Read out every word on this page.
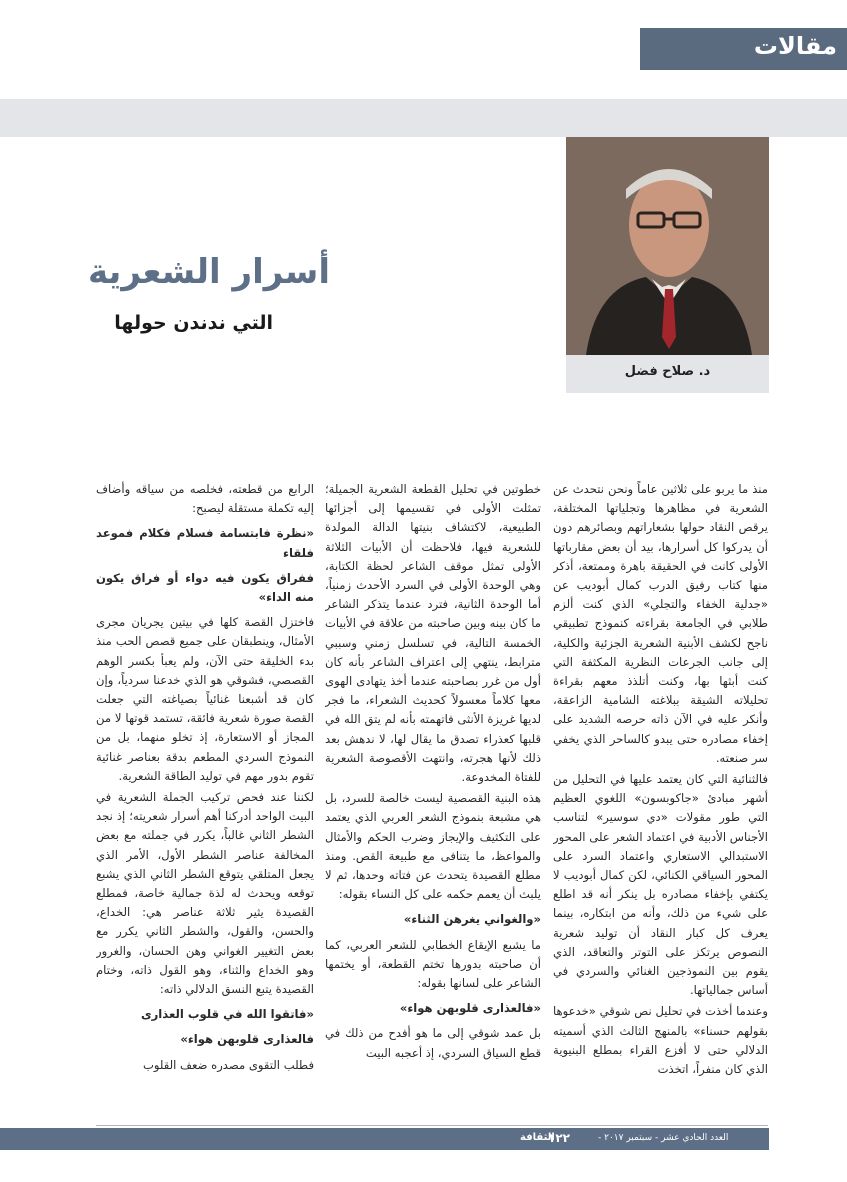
مقالات
د. صلاح فضل
أسرار الشعرية
التي ندندن حولها

منذ ما يربو على ثلاثين عاماً ونحن نتحدث عن الشعرية في مظاهرها وتجلياتها المختلفة، يرقص النقاد حولها بشعاراتهم وبصائرهم دون أن يدركوا كل أسرارها، بيد أن بعض مقارباتها الأولى كانت في الحقيقة باهرة وممتعة، أذكر منها كتاب رفيق الدرب كمال أبوديب عن «جدلية الخفاء والتجلي» الذي كنت ألزم طلابي في الجامعة بقراءته كنموذج تطبيقي ناجح لكشف الأبنية الشعرية الجزئية والكلية، إلى جانب الجرعات النظرية المكثفة التي كنت أبثها بها، وكنت أتلذذ معهم بقراءة تحليلاته الشيقة ببلاغته الشامية الزاعقة، وأنكر عليه في الآن ذاته حرصه الشديد على إخفاء مصادره حتى يبدو كالساحر الذي يخفي سر صنعته.

فالثنائية التي كان يعتمد عليها في التحليل من أشهر مبادئ «جاكوبسون» اللغوي العظيم التي طور مقولات «دي سوسير» لتناسب الأجناس الأدبية في اعتماد الشعر على المحور الاستبدالي الاستعاري واعتماد السرد على المحور السياقي الكنائي، لكن كمال أبوديب لا يكتفي بإخفاء مصادره بل ينكر أنه قد اطلع على شيء من ذلك، وأنه من ابتكاره، بينما يعرف كل كبار النقاد أن توليد شعرية النصوص يرتكز على التوتر والتعاقد، الذي يقوم بين النموذجين الغنائي والسردي في أساس جمالياتها.

وعندما أخذت في تحليل نص شوقي «خدعوها بقولهم حسناء» بالمنهج الثالث الذي أسميته الدلالي حتى لا أفزع القراء بمطلع البنيوية الذي كان منفراً، اتخذت

خطوتين في تحليل القطعة الشعرية الجميلة؛ تمثلت الأولى في تقسيمها إلى أجزائها الطبيعية، لاكتشاف بنيتها الدالة المولدة للشعرية فيها، فلاحظت أن الأبيات الثلاثة الأولى تمثل موقف الشاعر لحظة الكتابة، وهي الوحدة الأولى في السرد الأحدث زمنياً، أما الوحدة الثانية، فترد عندما يتذكر الشاعر ما كان بينه وبين صاحبته من علاقة في الأبيات الخمسة التالية، في تسلسل زمني وسببي مترابط، ينتهي إلى اعتراف الشاعر بأنه كان أول من غرر بصاحبته عندما أخذ يتهادى الهوى معها كلاماً معسولاً كحديث الشعراء، ما فجر لديها غريزة الأنثى فاتهمته بأنه لم يتق الله في قلبها كعذراء تصدق ما يقال لها، لا ندهش بعد ذلك لأنها هجرته، وانتهت الأقصوصة الشعرية للفتاة المخدوعة.

هذه البنية القصصية ليست خالصة للسرد، بل هي مشبعة بنموذج الشعر العربي الذي يعتمد على التكثيف والإيجاز وضرب الحكم والأمثال والمواعظ، ما يتنافى مع طبيعة القص. ومنذ مطلع القصيدة يتحدث عن فتاته وحدها، ثم لا يلبث أن يعمم حكمه على كل النساء بقوله:

«والغواني يغرهن الثناء»

ما يشبع الإيقاع الخطابي للشعر العربي، كما أن صاحبته بدورها تختم القطعة، أو يختمها الشاعر على لسانها بقوله:

«فالعذارى قلوبهن هواء»

بل عمد شوقي إلى ما هو أفدح من ذلك في قطع السياق السردي، إذ أعجبه البيت

الرابع من قطعته، فخلصه من سياقه وأضاف إليه تكملة مستقلة ليصبح:

«نظرة فابتسامة فسلام فكلام فموعد فلقاء

ففراق يكون فيه دواء أو فراق يكون منه الداء»

فاختزل القصة كلها في بيتين يجريان مجرى الأمثال، وينطبقان على جميع قصص الحب منذ بدء الخليقة حتى الآن، ولم يعبأ بكسر الوهم القصصي، فشوقي هو الذي خدعنا سردياً، وإن كان قد أشبعنا غنائياً بصياغته التي جعلت القصة صورة شعرية فائقة، تستمد قوتها لا من المجاز أو الاستعارة، إذ تخلو منهما، بل من النموذج السردي المطعم بدقة بعناصر غنائية تقوم بدور مهم في توليد الطاقة الشعرية.

لكننا عند فحص تركيب الجملة الشعرية في البيت الواحد أدركنا أهم أسرار شعريته؛ إذ نجد الشطر الثاني غالباً، يكرر في جملته مع بعض المخالفة عناصر الشطر الأول، الأمر الذي يجعل المتلقي يتوقع الشطر الثاني الذي يشبع توقعه ويحدث له لذة جمالية خاصة، فمطلع القصيدة يثير ثلاثة عناصر هي: الخداع، والحسن، والقول، والشطر الثاني يكرر مع بعض التغيير الغواني وهن الحسان، والغرور وهو الخداع والثناء، وهو القول ذاته، وختام القصيدة يتبع النسق الدلالي ذاته:

«فاتقوا الله في قلوب العذارى

فالعذارى قلوبهن هواء»

فطلب التقوى مصدره ضعف القلوب

الثقافة
١٢٢	العدد الحادي عشر - سبتمبر ٢٠١٧ -
